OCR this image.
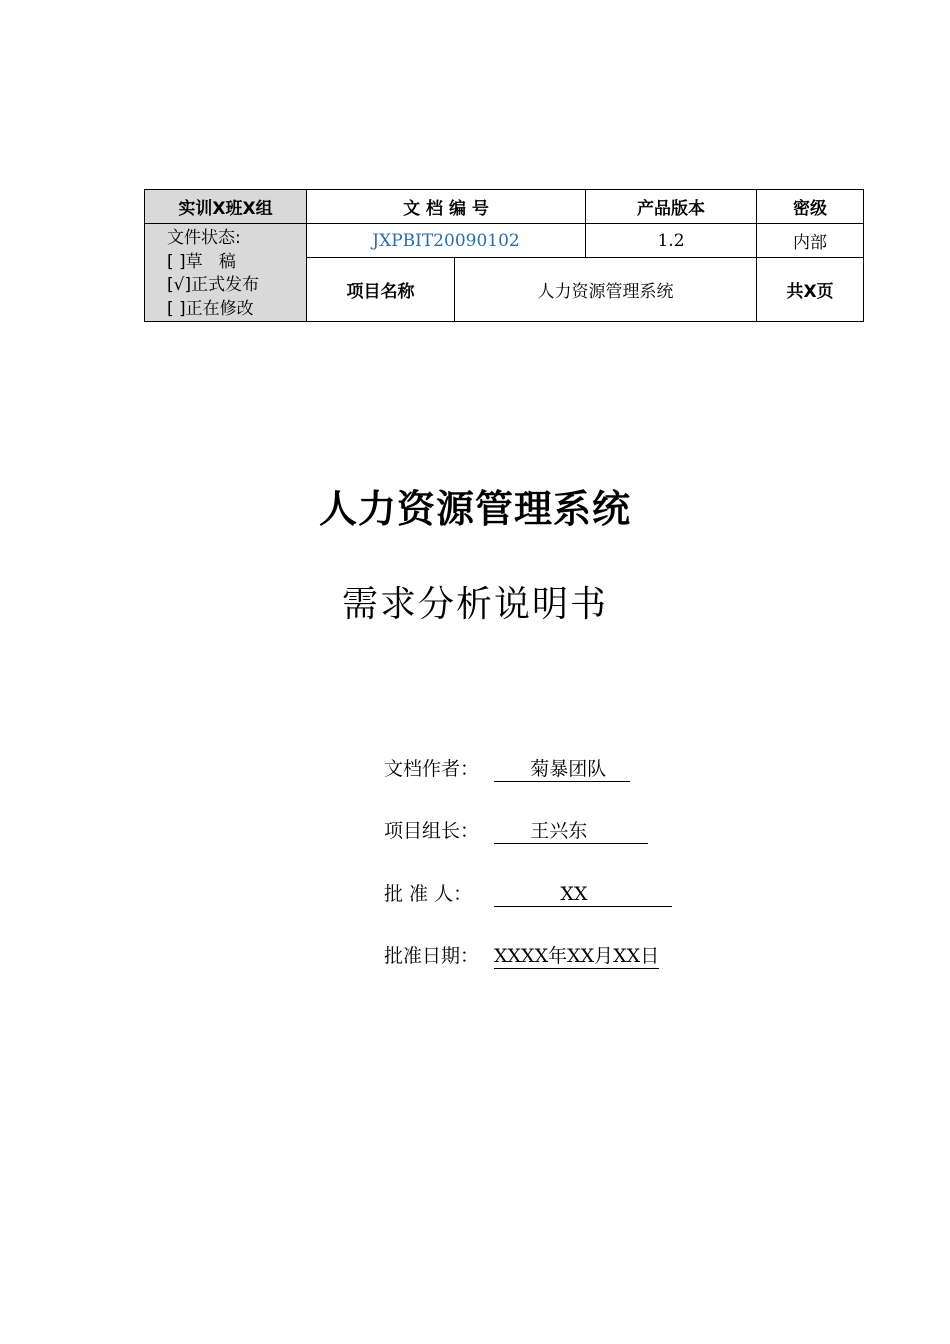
实训X班X组	文 档 编 号		产品版本	密级

文件状态:
[ ]草   稿
[√]正式发布
[ ]正在修改	JXPBIT20090102		1.2	内部
	项目名称	人力资源管理系统		共X页
人力资源管理系统
需求分析说明书
文档作者：      菊暴团队
项目组长：      王兴东
批 准 人：           XX
批准日期： XXXX年XX月XX日
